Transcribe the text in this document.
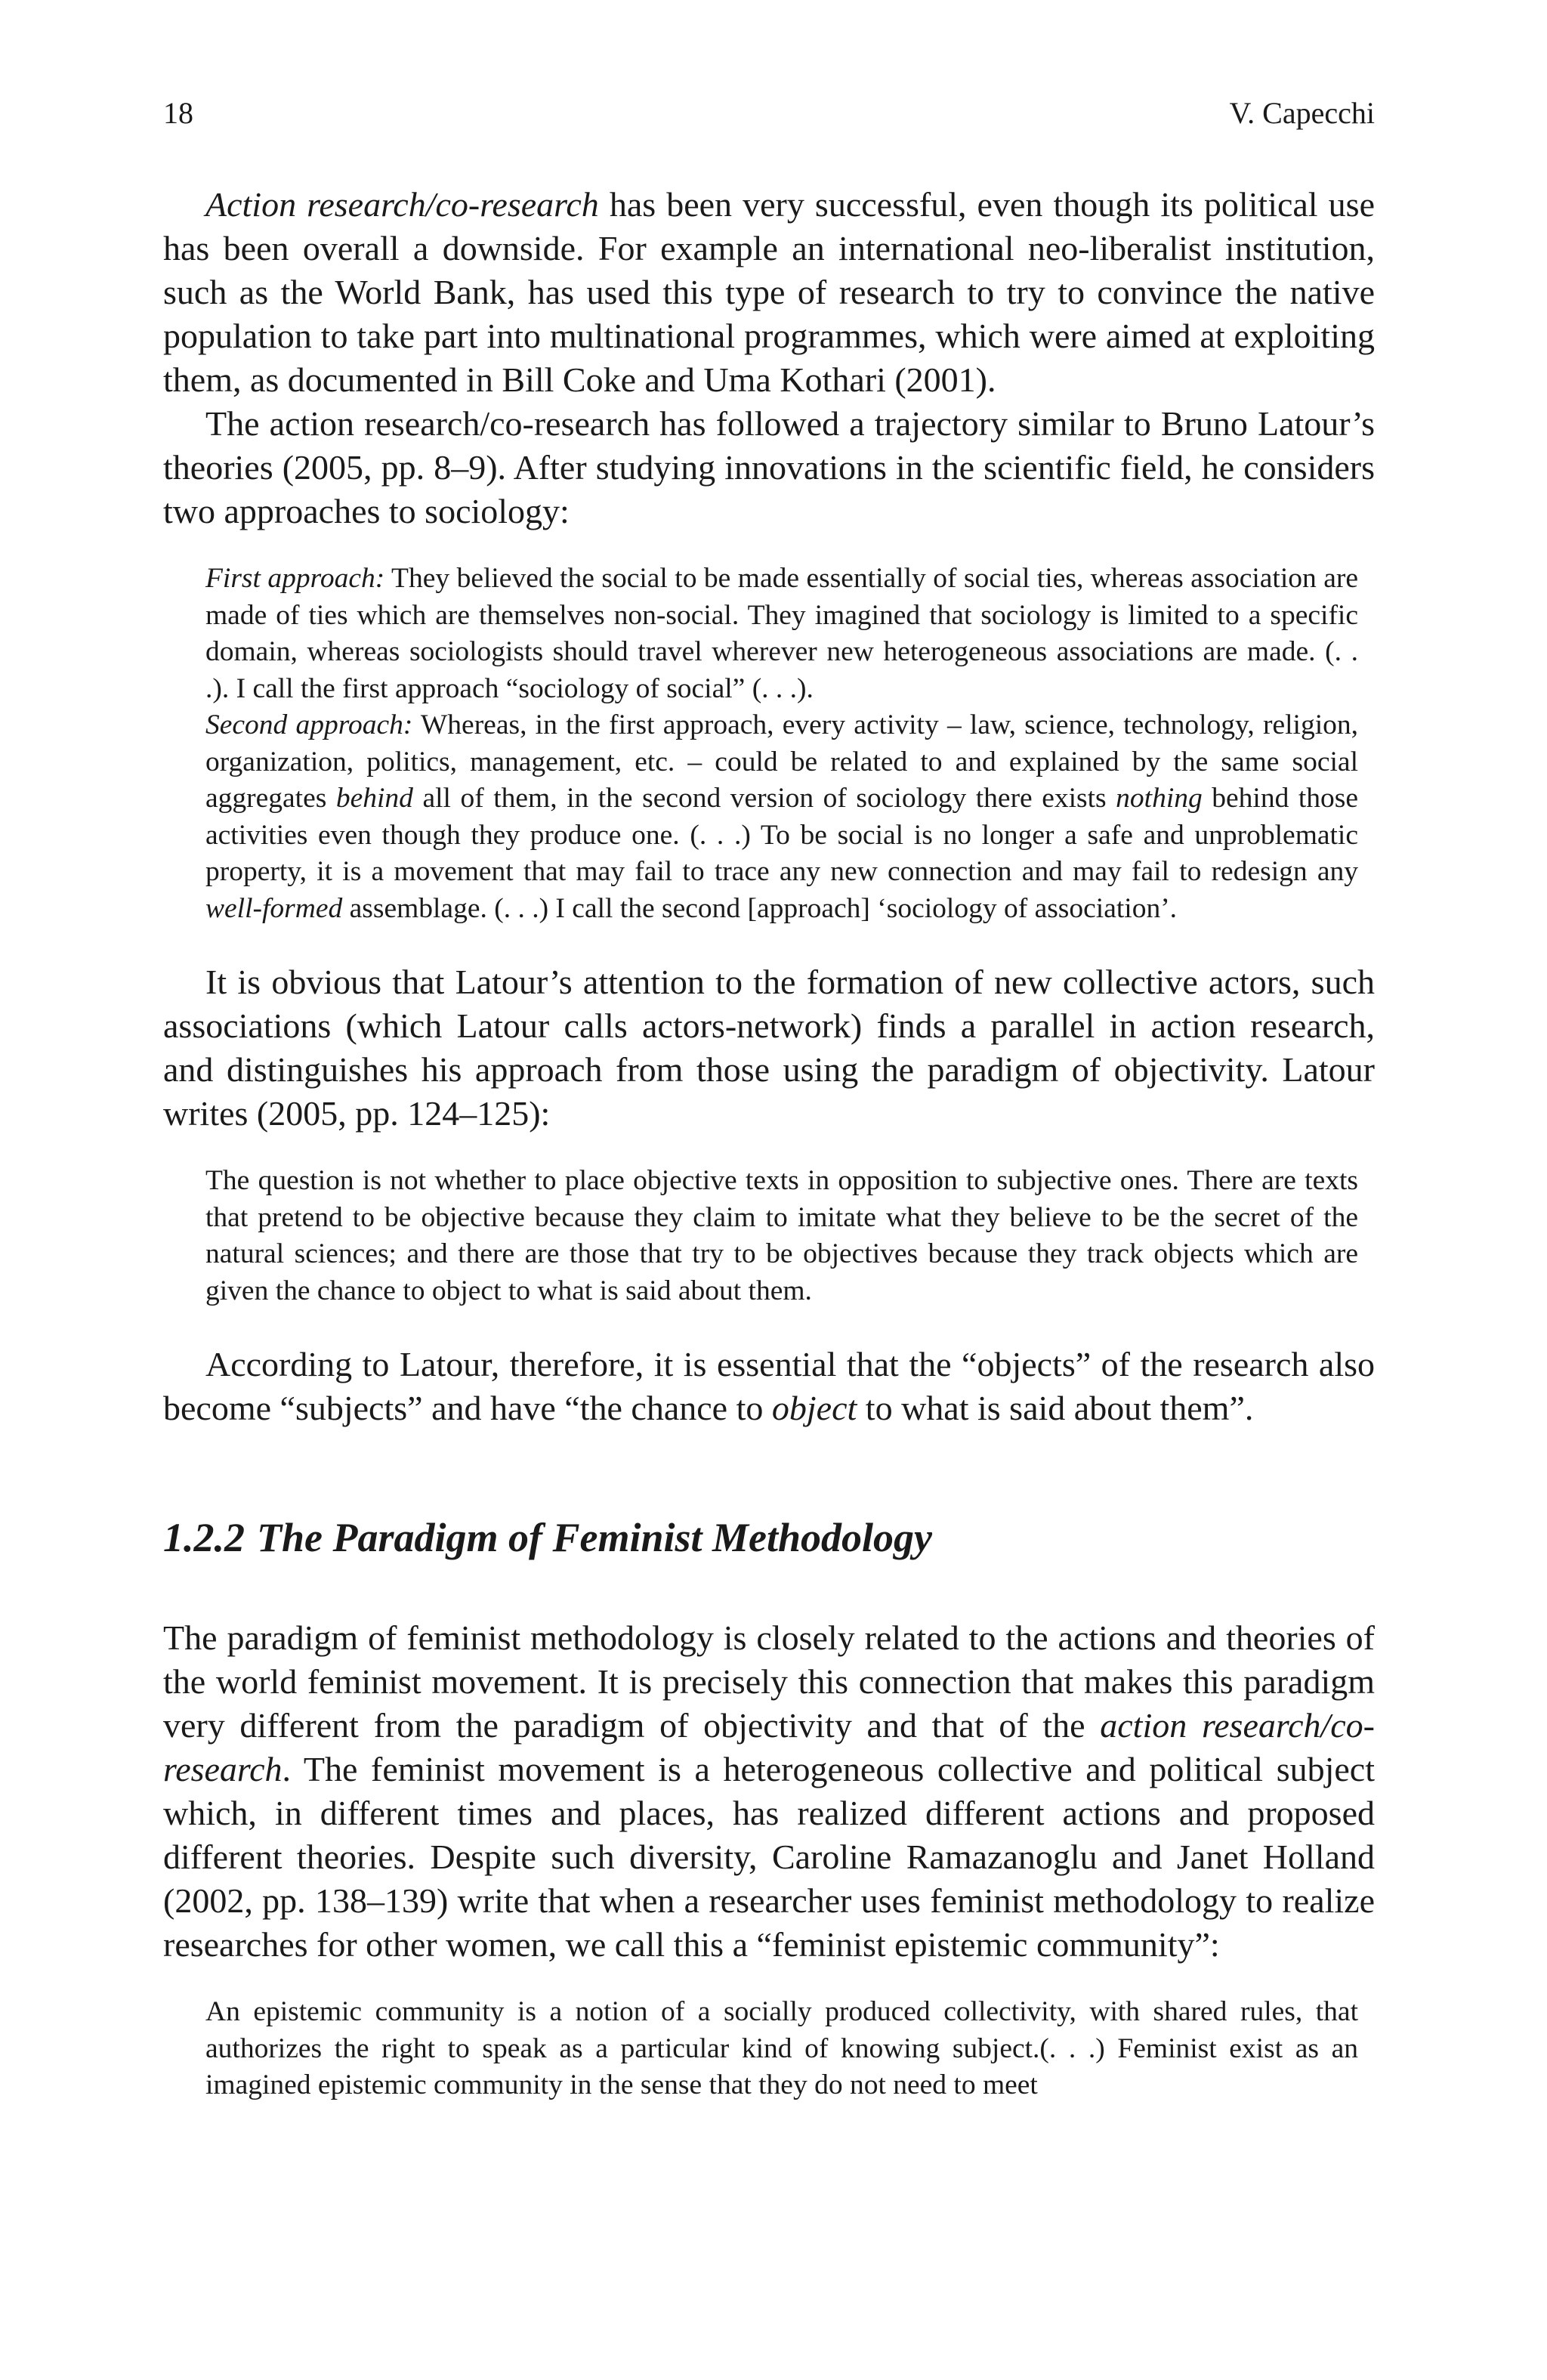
18	V. Capecchi

Action research/co-research has been very successful, even though its political use has been overall a downside. For example an international neo-liberalist institution, such as the World Bank, has used this type of research to try to convince the native population to take part into multinational programmes, which were aimed at exploiting them, as documented in Bill Coke and Uma Kothari (2001).

The action research/co-research has followed a trajectory similar to Bruno Latour’s theories (2005, pp. 8–9). After studying innovations in the scientific field, he considers two approaches to sociology:

First approach: They believed the social to be made essentially of social ties, whereas association are made of ties which are themselves non-social. They imagined that sociology is limited to a specific domain, whereas sociologists should travel wherever new heterogeneous associations are made. (. . .). I call the first approach “sociology of social” (. . .).

Second approach: Whereas, in the first approach, every activity – law, science, technology, religion, organization, politics, management, etc. – could be related to and explained by the same social aggregates behind all of them, in the second version of sociology there exists nothing behind those activities even though they produce one. (. . .) To be social is no longer a safe and unproblematic property, it is a movement that may fail to trace any new connection and may fail to redesign any well-formed assemblage. (. . .) I call the second [approach] ‘sociology of association’.

It is obvious that Latour’s attention to the formation of new collective actors, such associations (which Latour calls actors-network) finds a parallel in action research, and distinguishes his approach from those using the paradigm of objectivity. Latour writes (2005, pp. 124–125):

The question is not whether to place objective texts in opposition to subjective ones. There are texts that pretend to be objective because they claim to imitate what they believe to be the secret of the natural sciences; and there are those that try to be objectives because they track objects which are given the chance to object to what is said about them.

According to Latour, therefore, it is essential that the “objects” of the research also become “subjects” and have “the chance to object to what is said about them”.

1.2.2 The Paradigm of Feminist Methodology

The paradigm of feminist methodology is closely related to the actions and theories of the world feminist movement. It is precisely this connection that makes this paradigm very different from the paradigm of objectivity and that of the action research/co-research. The feminist movement is a heterogeneous collective and political subject which, in different times and places, has realized different actions and proposed different theories. Despite such diversity, Caroline Ramazanoglu and Janet Holland (2002, pp. 138–139) write that when a researcher uses feminist methodology to realize researches for other women, we call this a “feminist epistemic community”:

An epistemic community is a notion of a socially produced collectivity, with shared rules, that authorizes the right to speak as a particular kind of knowing subject.(. . .) Feminist exist as an imagined epistemic community in the sense that they do not need to meet
